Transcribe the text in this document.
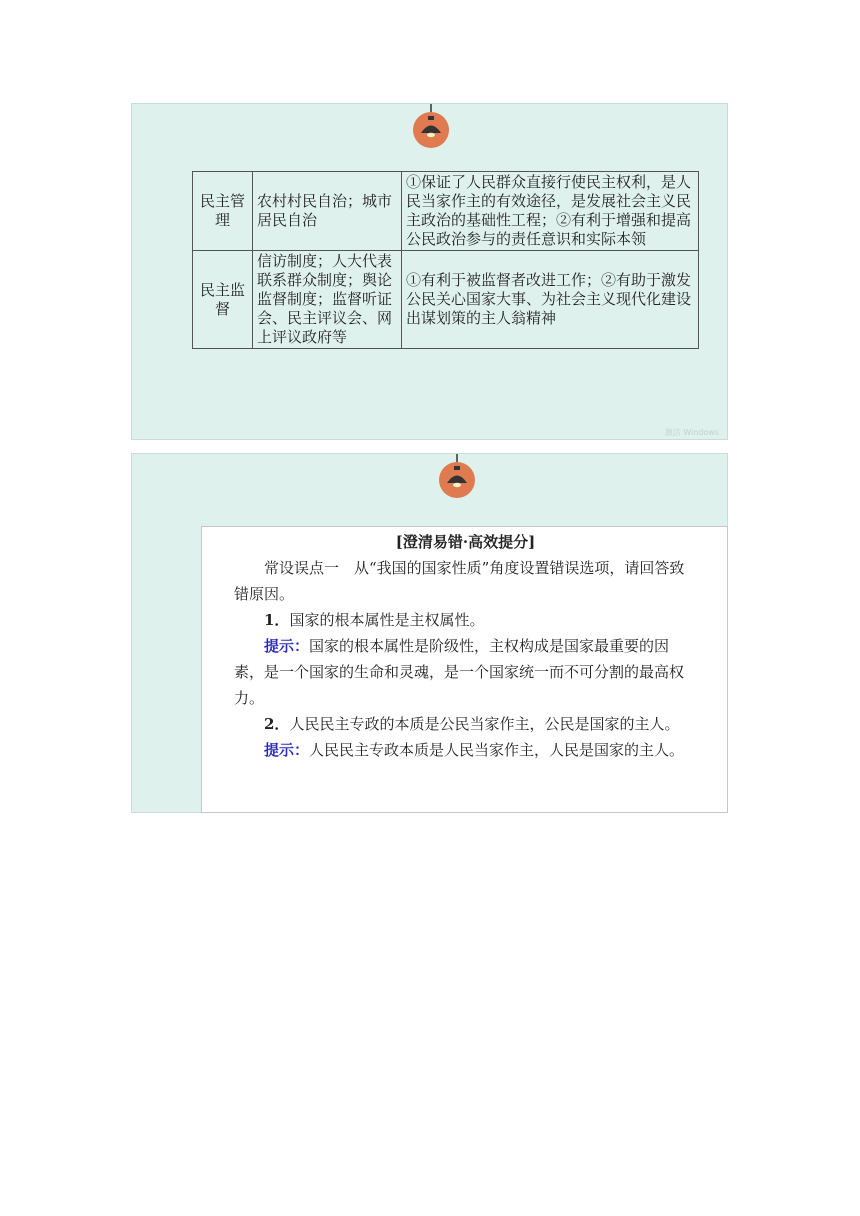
民主管理	农村村民自治；城市居民自治	①保证了人民群众直接行使民主权利，是人民当家作主的有效途径，是发展社会主义民主政治的基础性工程；②有利于增强和提高公民政治参与的责任意识和实际本领
民主监督	信访制度；人大代表联系群众制度；舆论监督制度；监督听证会、民主评议会、网上评议政府等	①有利于被监督者改进工作；②有助于激发公民关心国家大事、为社会主义现代化建设出谋划策的主人翁精神
激活 Windows
[澄清易错·高效提分]

常设误点一　从“我国的国家性质”角度设置错误选项，请回答致错原因。

1．国家的根本属性是主权属性。

提示：国家的根本属性是阶级性，主权构成是国家最重要的因素，是一个国家的生命和灵魂，是一个国家统一而不可分割的最高权力。

2．人民民主专政的本质是公民当家作主，公民是国家的主人。

提示：人民民主专政本质是人民当家作主，人民是国家的主人。
